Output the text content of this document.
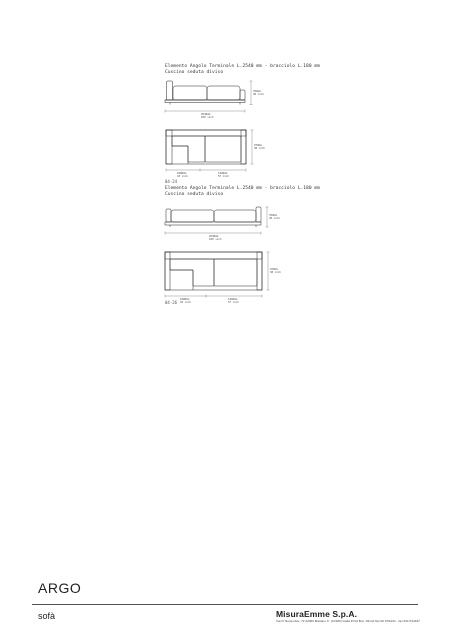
Elemento Angolo Terminale L.2540 mm - bracciolo L.180 mm
Cuscino seduta diviso
760mm
30 inch
2540mm
100 inch
970mm
38 inch
1080mm
43 inch
1460mm
57 inch
04-24
Elemento Angolo Terminale L.2540 mm - bracciolo L.180 mm
Cuscino seduta diviso
760mm
30 inch
2540mm
100 inch
970mm
38 inch
1080mm
43 inch
1460mm
57 inch
04-26
ARGO
sofà	MisuraEmme S.p.A.
Via IV Novembre, 72 22066 Mariano C. (COMO) Italia P.IVA Box: 02cod.fisc.00 6794/11 - fax 031/744437
